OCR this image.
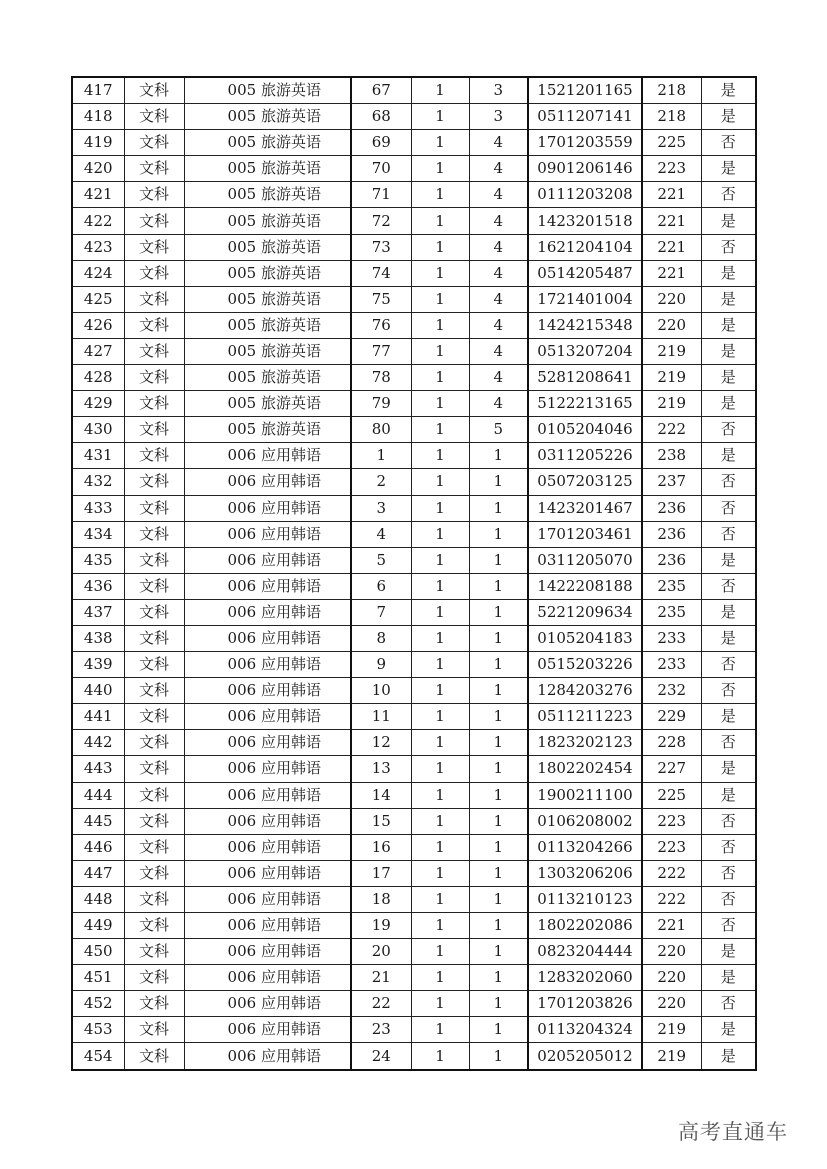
417	文科	005 旅游英语	67	1	3	1521201165	218	是
418	文科	005 旅游英语	68	1	3	0511207141	218	是
419	文科	005 旅游英语	69	1	4	1701203559	225	否
420	文科	005 旅游英语	70	1	4	0901206146	223	是
421	文科	005 旅游英语	71	1	4	0111203208	221	否
422	文科	005 旅游英语	72	1	4	1423201518	221	是
423	文科	005 旅游英语	73	1	4	1621204104	221	否
424	文科	005 旅游英语	74	1	4	0514205487	221	是
425	文科	005 旅游英语	75	1	4	1721401004	220	是
426	文科	005 旅游英语	76	1	4	1424215348	220	是
427	文科	005 旅游英语	77	1	4	0513207204	219	是
428	文科	005 旅游英语	78	1	4	5281208641	219	是
429	文科	005 旅游英语	79	1	4	5122213165	219	是
430	文科	005 旅游英语	80	1	5	0105204046	222	否
431	文科	006 应用韩语	1	1	1	0311205226	238	是
432	文科	006 应用韩语	2	1	1	0507203125	237	否
433	文科	006 应用韩语	3	1	1	1423201467	236	否
434	文科	006 应用韩语	4	1	1	1701203461	236	否
435	文科	006 应用韩语	5	1	1	0311205070	236	是
436	文科	006 应用韩语	6	1	1	1422208188	235	否
437	文科	006 应用韩语	7	1	1	5221209634	235	是
438	文科	006 应用韩语	8	1	1	0105204183	233	是
439	文科	006 应用韩语	9	1	1	0515203226	233	否
440	文科	006 应用韩语	10	1	1	1284203276	232	否
441	文科	006 应用韩语	11	1	1	0511211223	229	是
442	文科	006 应用韩语	12	1	1	1823202123	228	否
443	文科	006 应用韩语	13	1	1	1802202454	227	是
444	文科	006 应用韩语	14	1	1	1900211100	225	是
445	文科	006 应用韩语	15	1	1	0106208002	223	否
446	文科	006 应用韩语	16	1	1	0113204266	223	否
447	文科	006 应用韩语	17	1	1	1303206206	222	否
448	文科	006 应用韩语	18	1	1	0113210123	222	否
449	文科	006 应用韩语	19	1	1	1802202086	221	否
450	文科	006 应用韩语	20	1	1	0823204444	220	是
451	文科	006 应用韩语	21	1	1	1283202060	220	是
452	文科	006 应用韩语	22	1	1	1701203826	220	否
453	文科	006 应用韩语	23	1	1	0113204324	219	是
454	文科	006 应用韩语	24	1	1	0205205012	219	是
高考直通车
